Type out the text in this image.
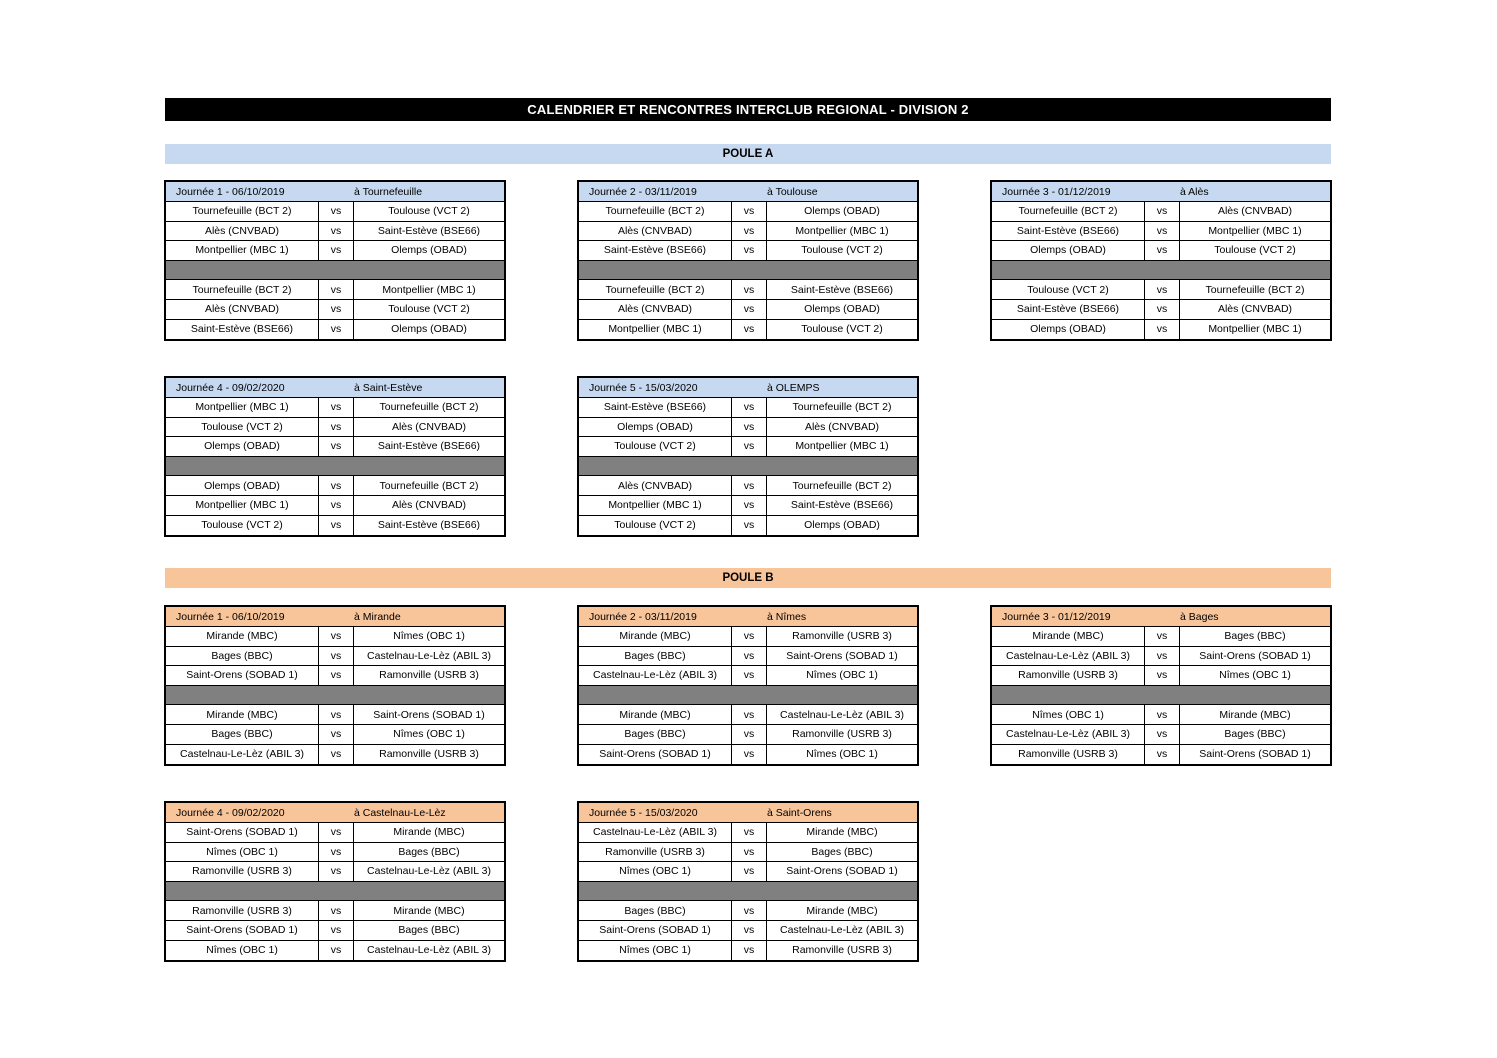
CALENDRIER ET RENCONTRES INTERCLUB REGIONAL - DIVISION 2
POULE A
POULE B
Journée 1 - 06/10/2019	à Tournefeuille
Tournefeuille (BCT 2)	vs	Toulouse (VCT 2)
Alès (CNVBAD)	vs	Saint-Estève (BSE66)
Montpellier (MBC 1)	vs	Olemps (OBAD)
Tournefeuille (BCT 2)	vs	Montpellier (MBC 1)
Alès (CNVBAD)	vs	Toulouse (VCT 2)
Saint-Estève (BSE66)	vs	Olemps (OBAD)
Journée 2 - 03/11/2019	à Toulouse
Tournefeuille (BCT 2)	vs	Olemps (OBAD)
Alès (CNVBAD)	vs	Montpellier (MBC 1)
Saint-Estève (BSE66)	vs	Toulouse (VCT 2)
Tournefeuille (BCT 2)	vs	Saint-Estève (BSE66)
Alès (CNVBAD)	vs	Olemps (OBAD)
Montpellier (MBC 1)	vs	Toulouse (VCT 2)
Journée 3 - 01/12/2019	à Alès
Tournefeuille (BCT 2)	vs	Alès (CNVBAD)
Saint-Estève (BSE66)	vs	Montpellier (MBC 1)
Olemps (OBAD)	vs	Toulouse (VCT 2)
Toulouse (VCT 2)	vs	Tournefeuille (BCT 2)
Saint-Estève (BSE66)	vs	Alès (CNVBAD)
Olemps (OBAD)	vs	Montpellier (MBC 1)
Journée 4 - 09/02/2020	à Saint-Estève
Montpellier (MBC 1)	vs	Tournefeuille (BCT 2)
Toulouse (VCT 2)	vs	Alès (CNVBAD)
Olemps (OBAD)	vs	Saint-Estève (BSE66)
Olemps (OBAD)	vs	Tournefeuille (BCT 2)
Montpellier (MBC 1)	vs	Alès (CNVBAD)
Toulouse (VCT 2)	vs	Saint-Estève (BSE66)
Journée 5 - 15/03/2020	à OLEMPS
Saint-Estève (BSE66)	vs	Tournefeuille (BCT 2)
Olemps (OBAD)	vs	Alès (CNVBAD)
Toulouse (VCT 2)	vs	Montpellier (MBC 1)
Alès (CNVBAD)	vs	Tournefeuille (BCT 2)
Montpellier (MBC 1)	vs	Saint-Estève (BSE66)
Toulouse (VCT 2)	vs	Olemps (OBAD)
Journée 1 - 06/10/2019	à Mirande
Mirande (MBC)	vs	Nîmes (OBC 1)
Bages (BBC)	vs	Castelnau-Le-Lèz (ABIL 3)
Saint-Orens (SOBAD 1)	vs	Ramonville (USRB 3)
Mirande (MBC)	vs	Saint-Orens (SOBAD 1)
Bages (BBC)	vs	Nîmes (OBC 1)
Castelnau-Le-Lèz (ABIL 3)	vs	Ramonville (USRB 3)
Journée 2 - 03/11/2019	à Nîmes
Mirande (MBC)	vs	Ramonville (USRB 3)
Bages (BBC)	vs	Saint-Orens (SOBAD 1)
Castelnau-Le-Lèz (ABIL 3)	vs	Nîmes (OBC 1)
Mirande (MBC)	vs	Castelnau-Le-Lèz (ABIL 3)
Bages (BBC)	vs	Ramonville (USRB 3)
Saint-Orens (SOBAD 1)	vs	Nîmes (OBC 1)
Journée 3 - 01/12/2019	à Bages
Mirande (MBC)	vs	Bages (BBC)
Castelnau-Le-Lèz (ABIL 3)	vs	Saint-Orens (SOBAD 1)
Ramonville (USRB 3)	vs	Nîmes (OBC 1)
Nîmes (OBC 1)	vs	Mirande (MBC)
Castelnau-Le-Lèz (ABIL 3)	vs	Bages (BBC)
Ramonville (USRB 3)	vs	Saint-Orens (SOBAD 1)
Journée 4 - 09/02/2020	à Castelnau-Le-Lèz
Saint-Orens (SOBAD 1)	vs	Mirande (MBC)
Nîmes (OBC 1)	vs	Bages (BBC)
Ramonville (USRB 3)	vs	Castelnau-Le-Lèz (ABIL 3)
Ramonville (USRB 3)	vs	Mirande (MBC)
Saint-Orens (SOBAD 1)	vs	Bages (BBC)
Nîmes (OBC 1)	vs	Castelnau-Le-Lèz (ABIL 3)
Journée 5 - 15/03/2020	à Saint-Orens
Castelnau-Le-Lèz (ABIL 3)	vs	Mirande (MBC)
Ramonville (USRB 3)	vs	Bages (BBC)
Nîmes (OBC 1)	vs	Saint-Orens (SOBAD 1)
Bages (BBC)	vs	Mirande (MBC)
Saint-Orens (SOBAD 1)	vs	Castelnau-Le-Lèz (ABIL 3)
Nîmes (OBC 1)	vs	Ramonville (USRB 3)
